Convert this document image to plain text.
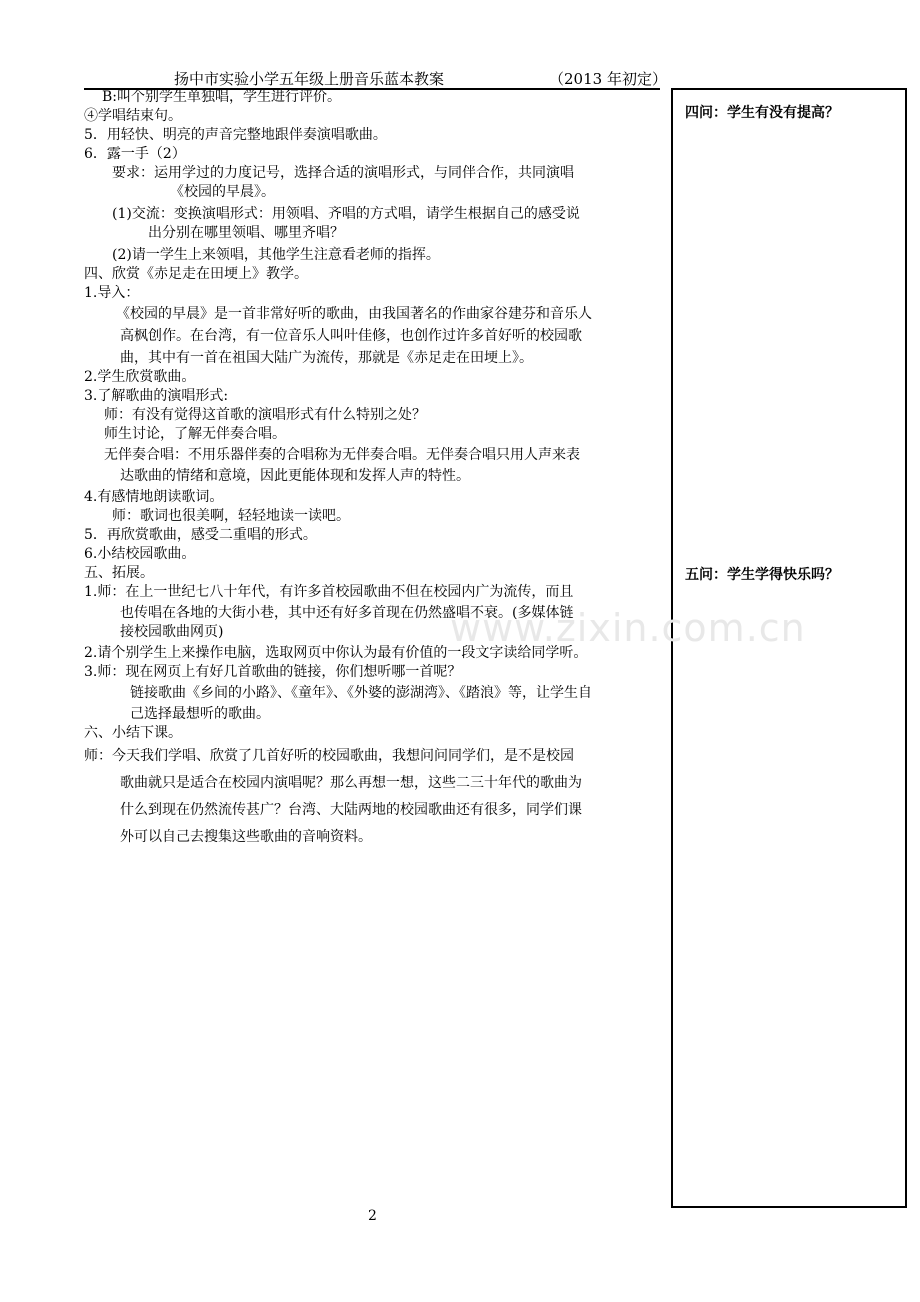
扬中市实验小学五年级上册音乐蓝本教案	（2013 年初定）
B:叫个别学生单独唱，学生进行评价。
④学唱结束句。
5．用轻快、明亮的声音完整地跟伴奏演唱歌曲。
6．露一手（2）
要求：运用学过的力度记号，选择合适的演唱形式，与同伴合作，共同演唱
《校园的早晨》。
(1)交流：变换演唱形式：用领唱、齐唱的方式唱，请学生根据自己的感受说
出分别在哪里领唱、哪里齐唱？
(2)请一学生上来领唱，其他学生注意看老师的指挥。
四、欣赏《赤足走在田埂上》教学。
1.导入：
《校园的早晨》是一首非常好听的歌曲，由我国著名的作曲家谷建芬和音乐人
高枫创作。在台湾，有一位音乐人叫叶佳修，也创作过许多首好听的校园歌
曲，其中有一首在祖国大陆广为流传，那就是《赤足走在田埂上》。
2.学生欣赏歌曲。
3.了解歌曲的演唱形式:
师：有没有觉得这首歌的演唱形式有什么特别之处？
师生讨论，了解无伴奏合唱。
无伴奏合唱：不用乐器伴奏的合唱称为无伴奏合唱。无伴奏合唱只用人声来表
达歌曲的情绪和意境，因此更能体现和发挥人声的特性。
4.有感情地朗读歌词。
师：歌词也很美啊，轻轻地读一读吧。
5．再欣赏歌曲，感受二重唱的形式。
6.小结校园歌曲。
五、拓展。
1.师：在上一世纪七八十年代，有许多首校园歌曲不但在校园内广为流传，而且
也传唱在各地的大街小巷，其中还有好多首现在仍然盛唱不衰。(多媒体链
接校园歌曲网页)
2.请个别学生上来操作电脑，选取网页中你认为最有价值的一段文字读给同学听。
3.师：现在网页上有好几首歌曲的链接，你们想听哪一首呢？
链接歌曲《乡间的小路》、《童年》、《外婆的澎湖湾》、《踏浪》等，让学生自
己选择最想听的歌曲。
六、小结下课。
师：今天我们学唱、欣赏了几首好听的校园歌曲，我想问问同学们，是不是校园
歌曲就只是适合在校园内演唱呢？那么再想一想，这些二三十年代的歌曲为
什么到现在仍然流传甚广？台湾、大陆两地的校园歌曲还有很多，同学们课
外可以自己去搜集这些歌曲的音响资料。
四问：学生有没有提高？
五问：学生学得快乐吗？
www.zixin.com.cn
2
